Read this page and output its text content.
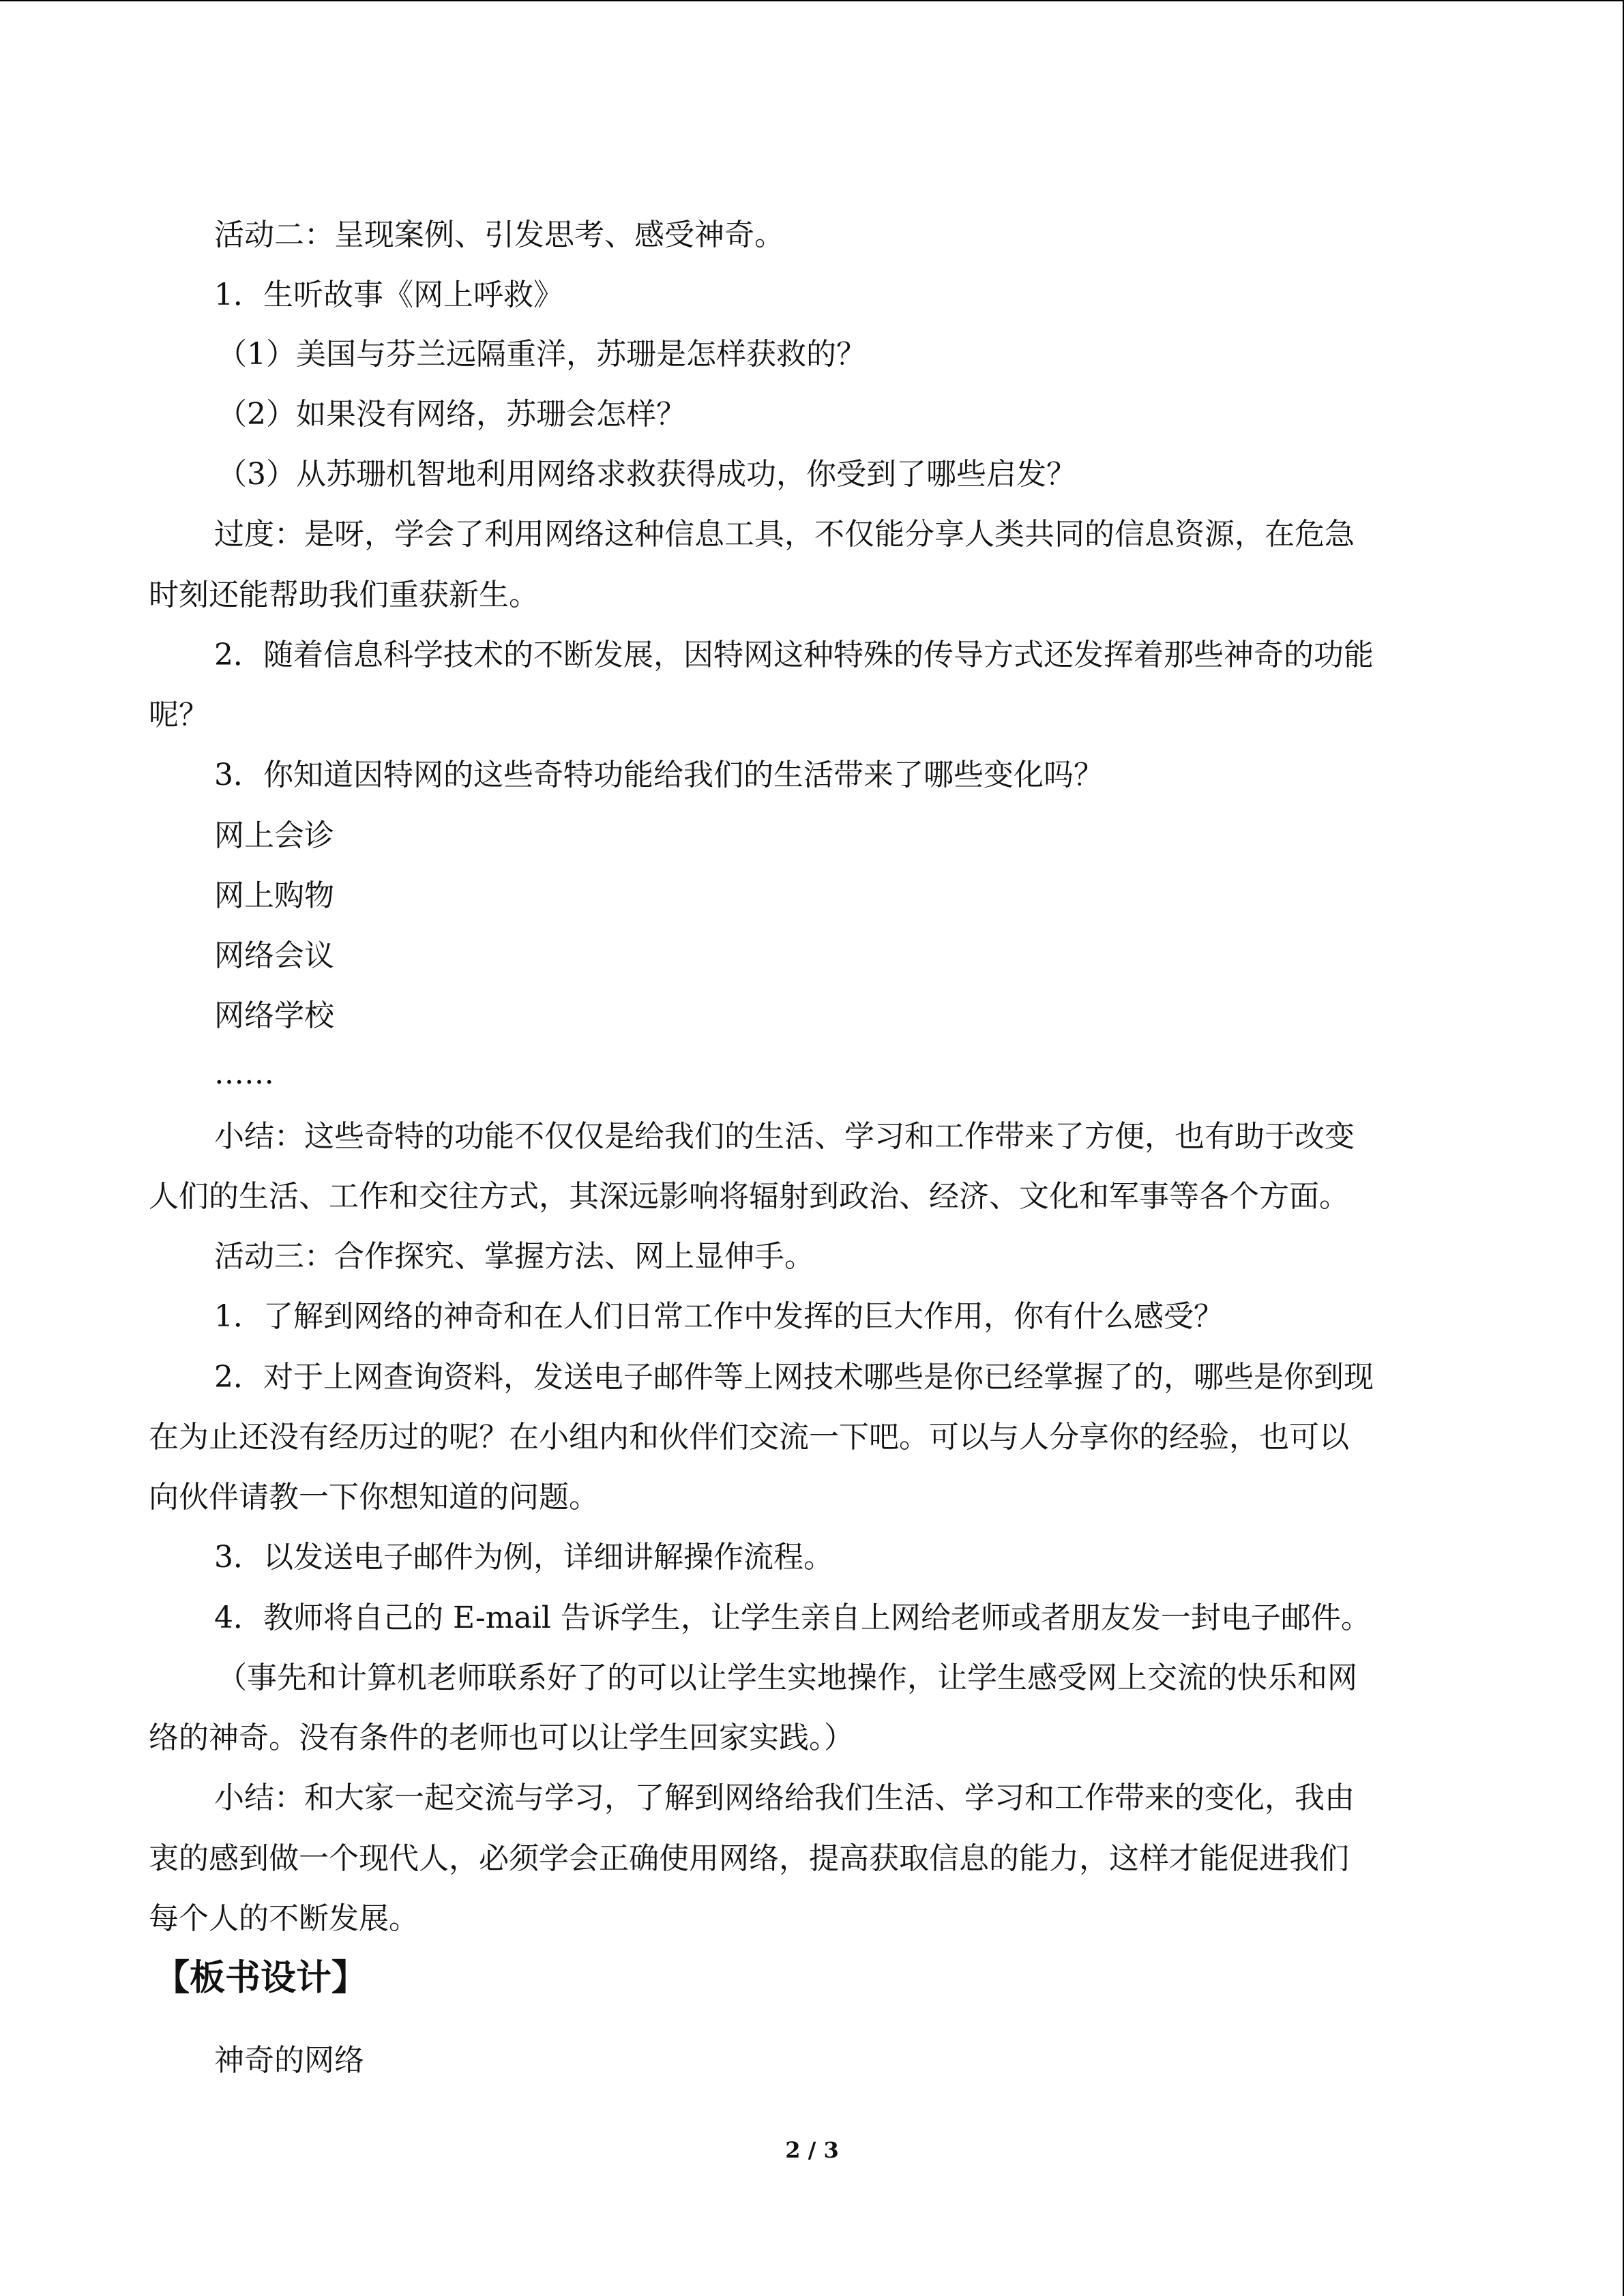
活动二：呈现案例、引发思考、感受神奇。
1．生听故事《网上呼救》
（1）美国与芬兰远隔重洋，苏珊是怎样获救的？
（2）如果没有网络，苏珊会怎样？
（3）从苏珊机智地利用网络求救获得成功，你受到了哪些启发？
过度：是呀，学会了利用网络这种信息工具，不仅能分享人类共同的信息资源，在危急
时刻还能帮助我们重获新生。
2．随着信息科学技术的不断发展，因特网这种特殊的传导方式还发挥着那些神奇的功能
呢？
3．你知道因特网的这些奇特功能给我们的生活带来了哪些变化吗？
网上会诊
网上购物
网络会议
网络学校
……
小结：这些奇特的功能不仅仅是给我们的生活、学习和工作带来了方便，也有助于改变
人们的生活、工作和交往方式，其深远影响将辐射到政治、经济、文化和军事等各个方面。
活动三：合作探究、掌握方法、网上显伸手。
1．了解到网络的神奇和在人们日常工作中发挥的巨大作用，你有什么感受？
2．对于上网查询资料，发送电子邮件等上网技术哪些是你已经掌握了的，哪些是你到现
在为止还没有经历过的呢？在小组内和伙伴们交流一下吧。可以与人分享你的经验，也可以
向伙伴请教一下你想知道的问题。
3．以发送电子邮件为例，详细讲解操作流程。
4．教师将自己的 E-mail 告诉学生，让学生亲自上网给老师或者朋友发一封电子邮件。
（事先和计算机老师联系好了的可以让学生实地操作，让学生感受网上交流的快乐和网
络的神奇。没有条件的老师也可以让学生回家实践。）
小结：和大家一起交流与学习，了解到网络给我们生活、学习和工作带来的变化，我由
衷的感到做一个现代人，必须学会正确使用网络，提高获取信息的能力，这样才能促进我们
每个人的不断发展。
【板书设计】
神奇的网络
2 / 3
